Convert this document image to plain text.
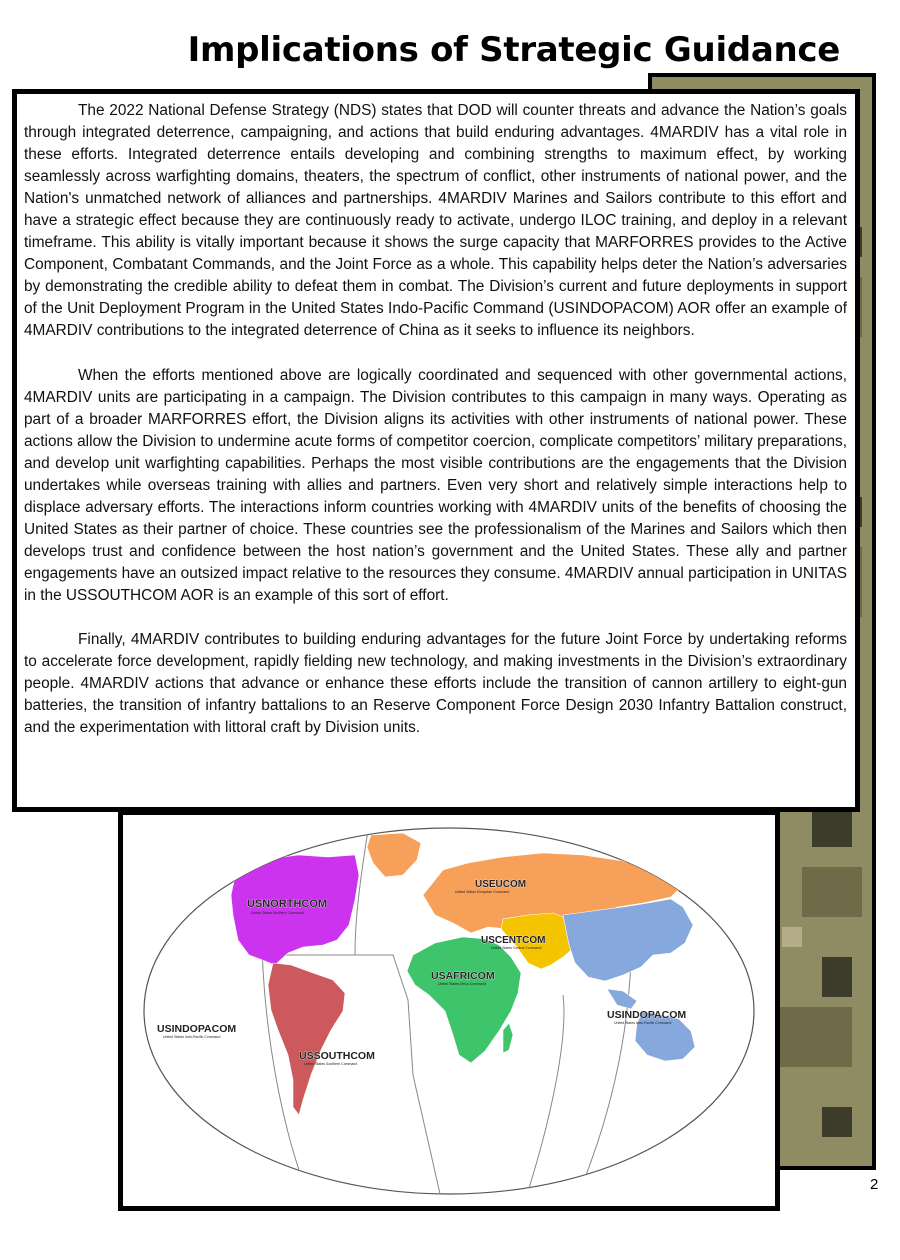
Implications of Strategic Guidance

The 2022 National Defense Strategy (NDS) states that DOD will counter threats and advance the Nation’s goals through integrated deterrence, campaigning, and actions that build enduring advantages. 4MARDIV has a vital role in these efforts. Integrated deterrence entails developing and combining strengths to maximum effect, by working seamlessly across warfighting domains, theaters, the spectrum of conflict, other instruments of national power, and the Nation's unmatched network of alliances and partnerships. 4MARDIV Marines and Sailors contribute to this effort and have a strategic effect because they are continuously ready to activate, undergo ILOC training, and deploy in a relevant timeframe. This ability is vitally important because it shows the surge capacity that MARFORRES provides to the Active Component, Combatant Commands, and the Joint Force as a whole. This capability helps deter the Nation’s adversaries by demonstrating the credible ability to defeat them in combat. The Division’s current and future deployments in support of the Unit Deployment Program in the United States Indo-Pacific Command (USINDOPACOM) AOR offer an example of 4MARDIV contributions to the integrated deterrence of China as it seeks to influence its neighbors.

When the efforts mentioned above are logically coordinated and sequenced with other governmental actions, 4MARDIV units are participating in a campaign. The Division contributes to this campaign in many ways. Operating as part of a broader MARFORRES effort, the Division aligns its activities with other instruments of national power. These actions allow the Division to undermine acute forms of competitor coercion, complicate competitors’ military preparations, and develop unit warfighting capabilities. Perhaps the most visible contributions are the engagements that the Division undertakes while overseas training with allies and partners. Even very short and relatively simple interactions help to displace adversary efforts. The interactions inform countries working with 4MARDIV units of the benefits of choosing the United States as their partner of choice. These countries see the professionalism of the Marines and Sailors which then develops trust and confidence between the host nation’s government and the United States. These ally and partner engagements have an outsized impact relative to the resources they consume. 4MARDIV annual participation in UNITAS in the USSOUTHCOM AOR is an example of this sort of effort.

Finally, 4MARDIV contributes to building enduring advantages for the future Joint Force by undertaking reforms to accelerate force development, rapidly fielding new technology, and making investments in the Division’s extraordinary people. 4MARDIV actions that advance or enhance these efforts include the transition of cannon artillery to eight-gun batteries, the transition of infantry battalions to an Reserve Component Force Design 2030 Infantry Battalion construct, and the experimentation with littoral craft by Division units.

USNORTHCOM
United States Northern Command
USEUCOM
United States European Command
USCENTCOM
United States Central Command
USAFRICOM
United States Africa Command
USINDOPACOM
United States Indo-Pacific Command
USINDOPACOM
United States Indo-Pacific Command
USSOUTHCOM
United States Southern Command
2
